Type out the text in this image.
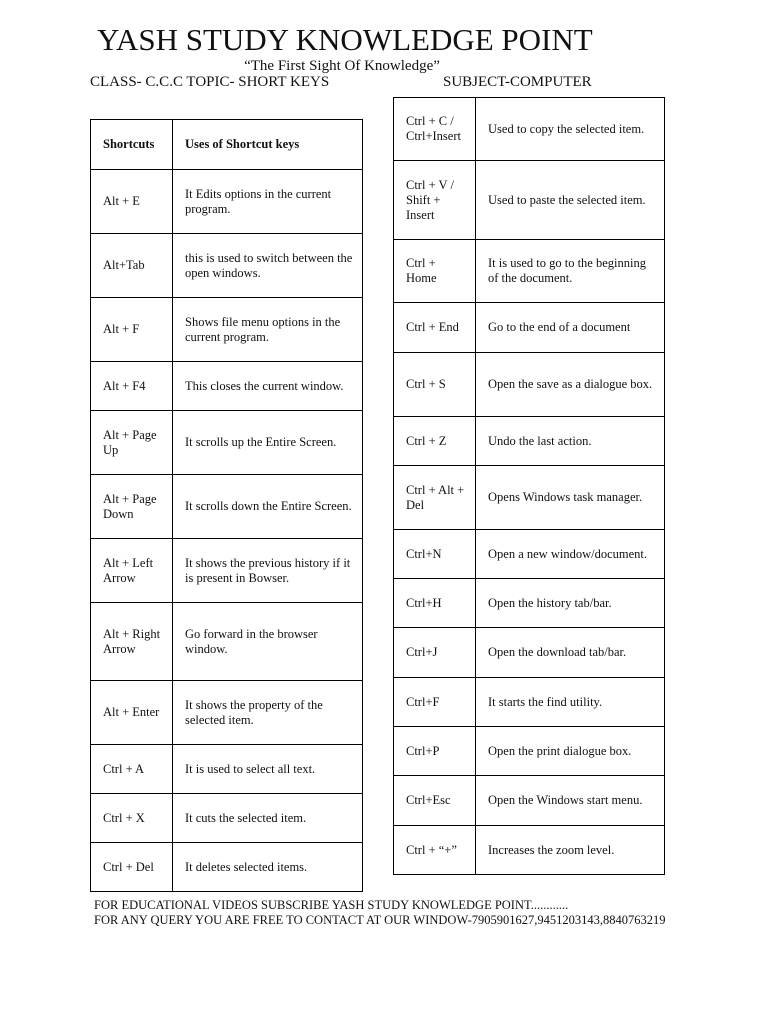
YASH STUDY KNOWLEDGE POINT
“The First Sight Of Knowledge”
CLASS- C.C.C TOPIC- SHORT KEYS	SUBJECT-COMPUTER
Shortcuts	Uses of Shortcut keys
Alt + E	It Edits options in the current program.
Alt+Tab	this is used to switch between the open windows.
Alt + F	Shows file menu options in the current program.
Alt + F4	This closes the current window.
Alt + Page Up	It scrolls up the Entire Screen.
Alt + Page Down	It scrolls down the Entire Screen.
Alt + Left Arrow	It shows the previous history if it is present in Bowser.
Alt + Right Arrow	Go forward in the browser window.
Alt + Enter	It shows the property of the selected item.
Ctrl + A	It is used to select all text.
Ctrl + X	It cuts the selected item.
Ctrl + Del	It deletes selected items.
Ctrl + C / Ctrl+Insert	Used to copy the selected item.
Ctrl + V / Shift + Insert	Used to paste the selected item.
Ctrl + Home	It is used to go to the beginning of the document.
Ctrl + End	Go to the end of a document
Ctrl + S	Open the save as a dialogue box.
Ctrl + Z	Undo the last action.
Ctrl + Alt + Del	Opens Windows task manager.
Ctrl+N	Open a new window/document.
Ctrl+H	Open the history tab/bar.
Ctrl+J	Open the download tab/bar.
Ctrl+F	It starts the find utility.
Ctrl+P	Open the print dialogue box.
Ctrl+Esc	Open the Windows start menu.
Ctrl + “+”	Increases the zoom level.
FOR EDUCATIONAL VIDEOS SUBSCRIBE YASH STUDY KNOWLEDGE POINT............
FOR ANY QUERY YOU ARE FREE TO CONTACT AT OUR WINDOW-7905901627,9451203143,8840763219
